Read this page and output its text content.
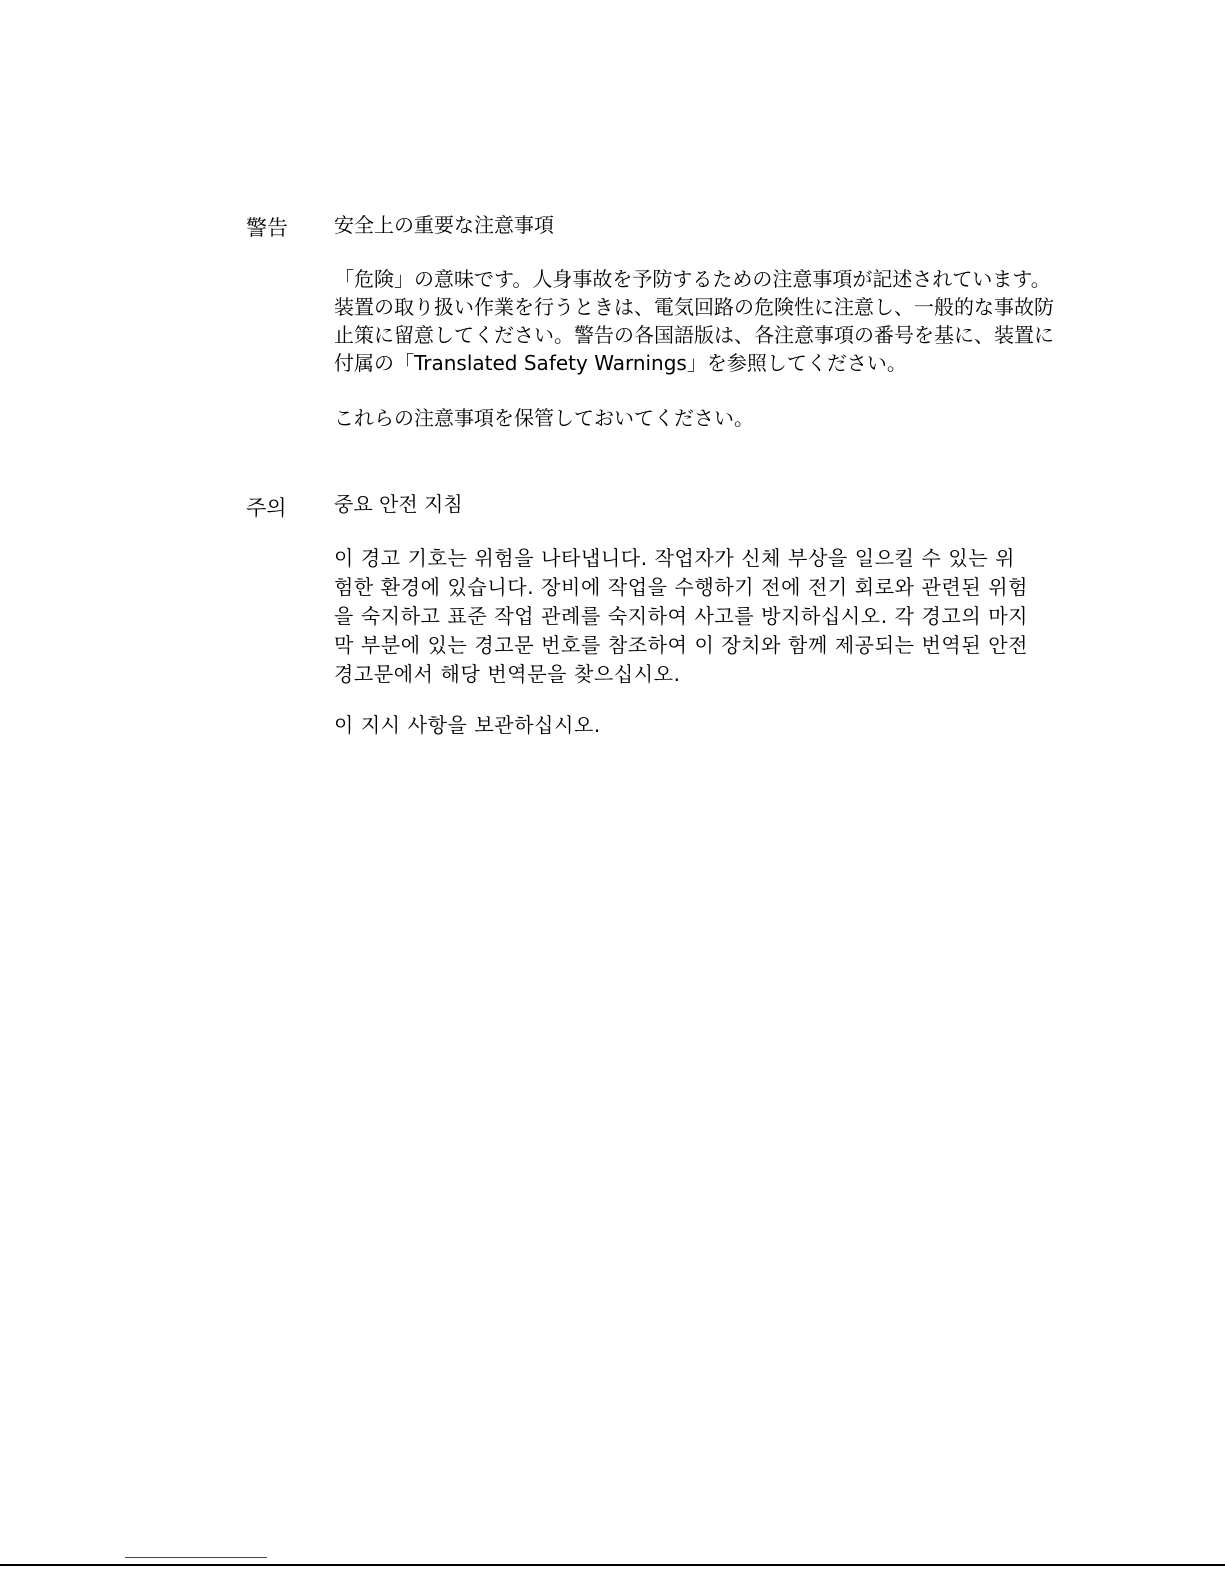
警告 安全上の重要な注意事項
「危険」の意味です。人身事故を予防するための注意事項が記述されています。
装置の取り扱い作業を行うときは、電気回路の危険性に注意し、一般的な事故防
止策に留意してください。警告の各国語版は、各注意事項の番号を基に、装置に
付属の「Translated Safety Warnings」を参照してください。
これらの注意事項を保管しておいてください。
주의 중요 안전 지침
이 경고 기호는 위험을 나타냅니다. 작업자가 신체 부상을 일으킬 수 있는 위
험한 환경에 있습니다. 장비에 작업을 수행하기 전에 전기 회로와 관련된 위험
을 숙지하고 표준 작업 관례를 숙지하여 사고를 방지하십시오. 각 경고의 마지
막 부분에 있는 경고문 번호를 참조하여 이 장치와 함께 제공되는 번역된 안전
경고문에서 해당 번역문을 찾으십시오.
이 지시 사항을 보관하십시오.
